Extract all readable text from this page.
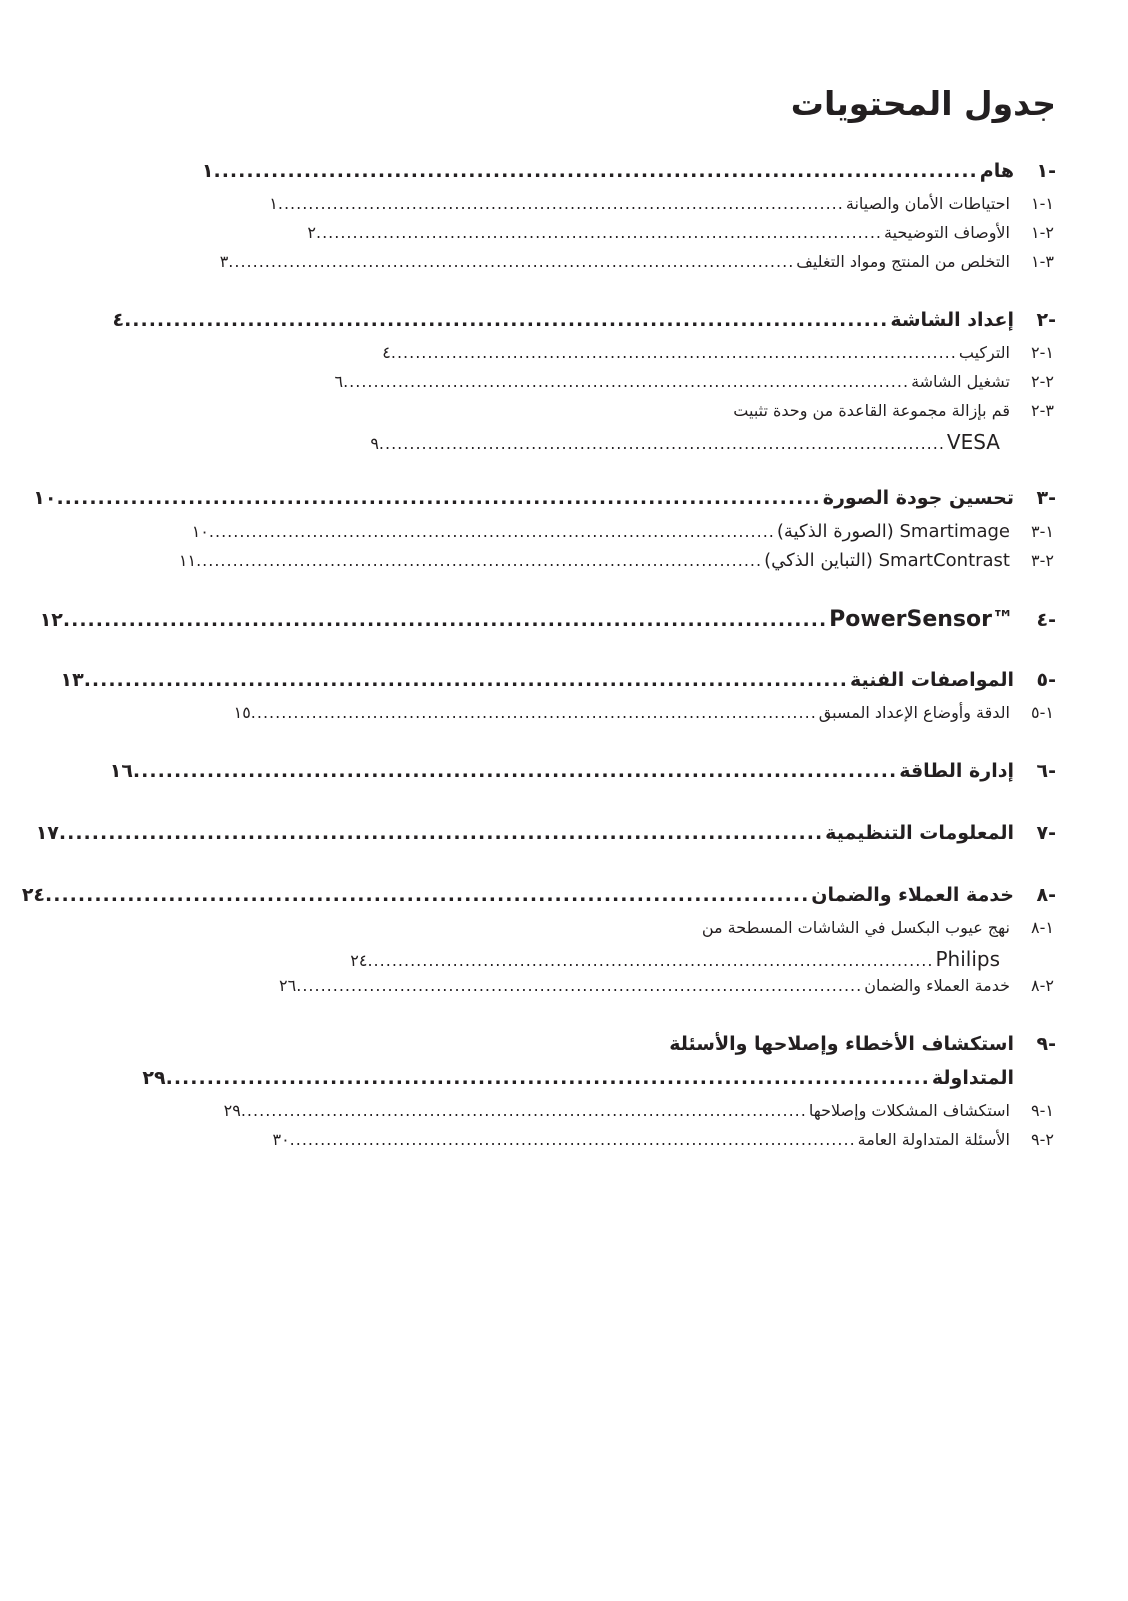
جدول المحتويات
١-
هام
.............................................................................................
١
١-١
احتياطات الأمان والصيانة
.............................................................................................
١
٢-١
الأوصاف التوضيحية
.............................................................................................
٢
٣-١
التخلص من المنتج ومواد التغليف
.............................................................................................
٣
٢-
إعداد الشاشة
.............................................................................................
٤
١-٢
التركيب
.............................................................................................
٤
٢-٢
تشغيل الشاشة
.............................................................................................
٦
٣-٢
قم بإزالة مجموعة القاعدة من وحدة تثبيت
VESA
.............................................................................................
٩
٣-
تحسين جودة الصورة
.............................................................................................
١٠
١-٣
Smartimage (الصورة الذكية)
.............................................................................................
١٠
٢-٣
SmartContrast (التباين الذكي)
.............................................................................................
١١
٤-
PowerSensor™
.............................................................................................
١٢
٥-
المواصفات الفنية
.............................................................................................
١٣
١-٥
الدقة وأوضاع الإعداد المسبق
.............................................................................................
١٥
٦-
إدارة الطاقة
.............................................................................................
١٦
٧-
المعلومات التنظيمية
.............................................................................................
١٧
٨-
خدمة العملاء والضمان
.............................................................................................
٢٤
١-٨
نهج عيوب البكسل في الشاشات المسطحة من
Philips
.............................................................................................
٢٤
٢-٨
خدمة العملاء والضمان
.............................................................................................
٢٦
٩-
استكشاف الأخطاء وإصلاحها والأسئلة
المتداولة
.............................................................................................
٢٩
١-٩
استكشاف المشكلات وإصلاحها
.............................................................................................
٢٩
٢-٩
الأسئلة المتداولة العامة
.............................................................................................
٣٠
